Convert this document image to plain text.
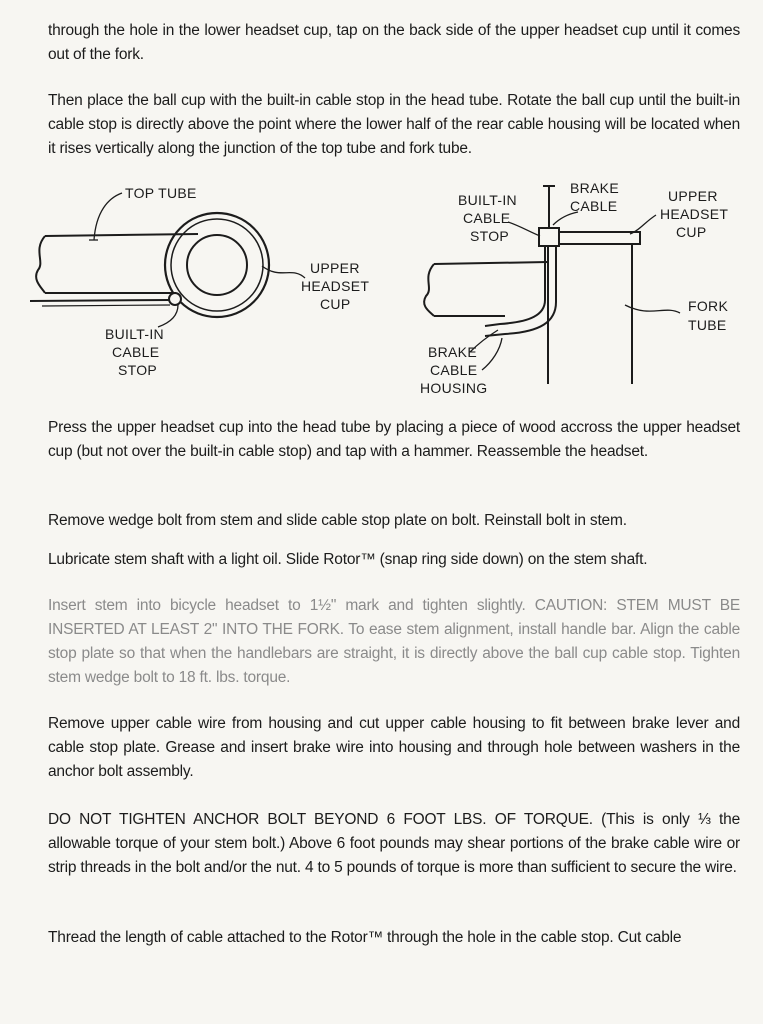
through the hole in the lower headset cup, tap on the back side of the upper headset cup until it comes out of the fork.
Then place the ball cup with the built-in cable stop in the head tube. Rotate the ball cup until the built-in cable stop is directly above the point where the lower half of the rear cable housing will be located when it rises vertically along the junction of the top tube and fork tube.
TOP TUBE
UPPER
HEADSET
CUP
BUILT-IN
CABLE
STOP
BUILT-IN
CABLE
STOP
BRAKE
CABLE
UPPER
HEADSET
CUP
FORK
TUBE
BRAKE
CABLE
HOUSING
Press the upper headset cup into the head tube by placing a piece of wood accross the upper headset cup (but not over the built-in cable stop) and tap with a hammer. Reassemble the headset.
Remove wedge bolt from stem and slide cable stop plate on bolt. Reinstall bolt in stem.
Lubricate stem shaft with a light oil. Slide Rotor™ (snap ring side down) on the stem shaft.
Insert stem into bicycle headset to 1½" mark and tighten slightly. CAUTION: STEM MUST BE INSERTED AT LEAST 2" INTO THE FORK. To ease stem alignment, install handle bar. Align the cable stop plate so that when the handlebars are straight, it is directly above the ball cup cable stop. Tighten stem wedge bolt to 18 ft. lbs. torque.
Remove upper cable wire from housing and cut upper cable housing to fit between brake lever and cable stop plate. Grease and insert brake wire into housing and through hole between washers in the anchor bolt assembly.
DO NOT TIGHTEN ANCHOR BOLT BEYOND 6 FOOT LBS. OF TORQUE. (This is only ⅓ the allowable torque of your stem bolt.) Above 6 foot pounds may shear portions of the brake cable wire or strip threads in the bolt and/or the nut. 4 to 5 pounds of torque is more than sufficient to secure the wire.
Thread the length of cable attached to the Rotor™ through the hole in the cable stop. Cut cable
